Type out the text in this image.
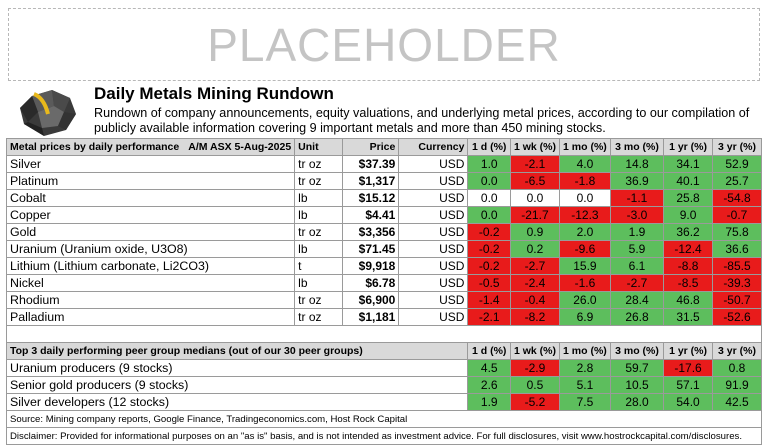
PLACEHOLDER
Daily Metals Mining Rundown
Rundown of company announcements, equity valuations, and underlying metal prices, according to our compilation of publicly available information covering 9 important metals and more than 450 mining stocks.
Metal prices by daily performance A/M ASX 5-Aug-2025	Unit	Price	Currency	1 d (%)	1 wk (%)	1 mo (%)	3 mo (%)	1 yr (%)	3 yr (%)
Silver	tr oz	$37.39	USD	1.0	-2.1	4.0	14.8	34.1	52.9
Platinum	tr oz	$1,317	USD	0.0	-6.5	-1.8	36.9	40.1	25.7
Cobalt	lb	$15.12	USD	0.0	0.0	0.0	-1.1	25.8	-54.8
Copper	lb	$4.41	USD	0.0	-21.7	-12.3	-3.0	9.0	-0.7
Gold	tr oz	$3,356	USD	-0.2	0.9	2.0	1.9	36.2	75.8
Uranium (Uranium oxide, U3O8)	lb	$71.45	USD	-0.2	0.2	-9.6	5.9	-12.4	36.6
Lithium (Lithium carbonate, Li2CO3)	t	$9,918	USD	-0.2	-2.7	15.9	6.1	-8.8	-85.5
Nickel	lb	$6.78	USD	-0.5	-2.4	-1.6	-2.7	-8.5	-39.3
Rhodium	tr oz	$6,900	USD	-1.4	-0.4	26.0	28.4	46.8	-50.7
Palladium	tr oz	$1,181	USD	-2.1	-8.2	6.9	26.8	31.5	-52.6

Top 3 daily performing peer group medians (out of our 30 peer groups)				1 d (%)	1 wk (%)	1 mo (%)	3 mo (%)	1 yr (%)	3 yr (%)
Uranium producers (9 stocks)				4.5	-2.9	2.8	59.7	-17.6	0.8
Senior gold producers (9 stocks)				2.6	0.5	5.1	10.5	57.1	91.9
Silver developers (12 stocks)				1.9	-5.2	7.5	28.0	54.0	42.5
Source: Mining company reports, Google Finance, Tradingeconomics.com, Host Rock Capital									
Disclaimer: Provided for informational purposes on an "as is" basis, and is not intended as investment advice. For full disclosures, visit www.hostrockcapital.com/disclosures.									
